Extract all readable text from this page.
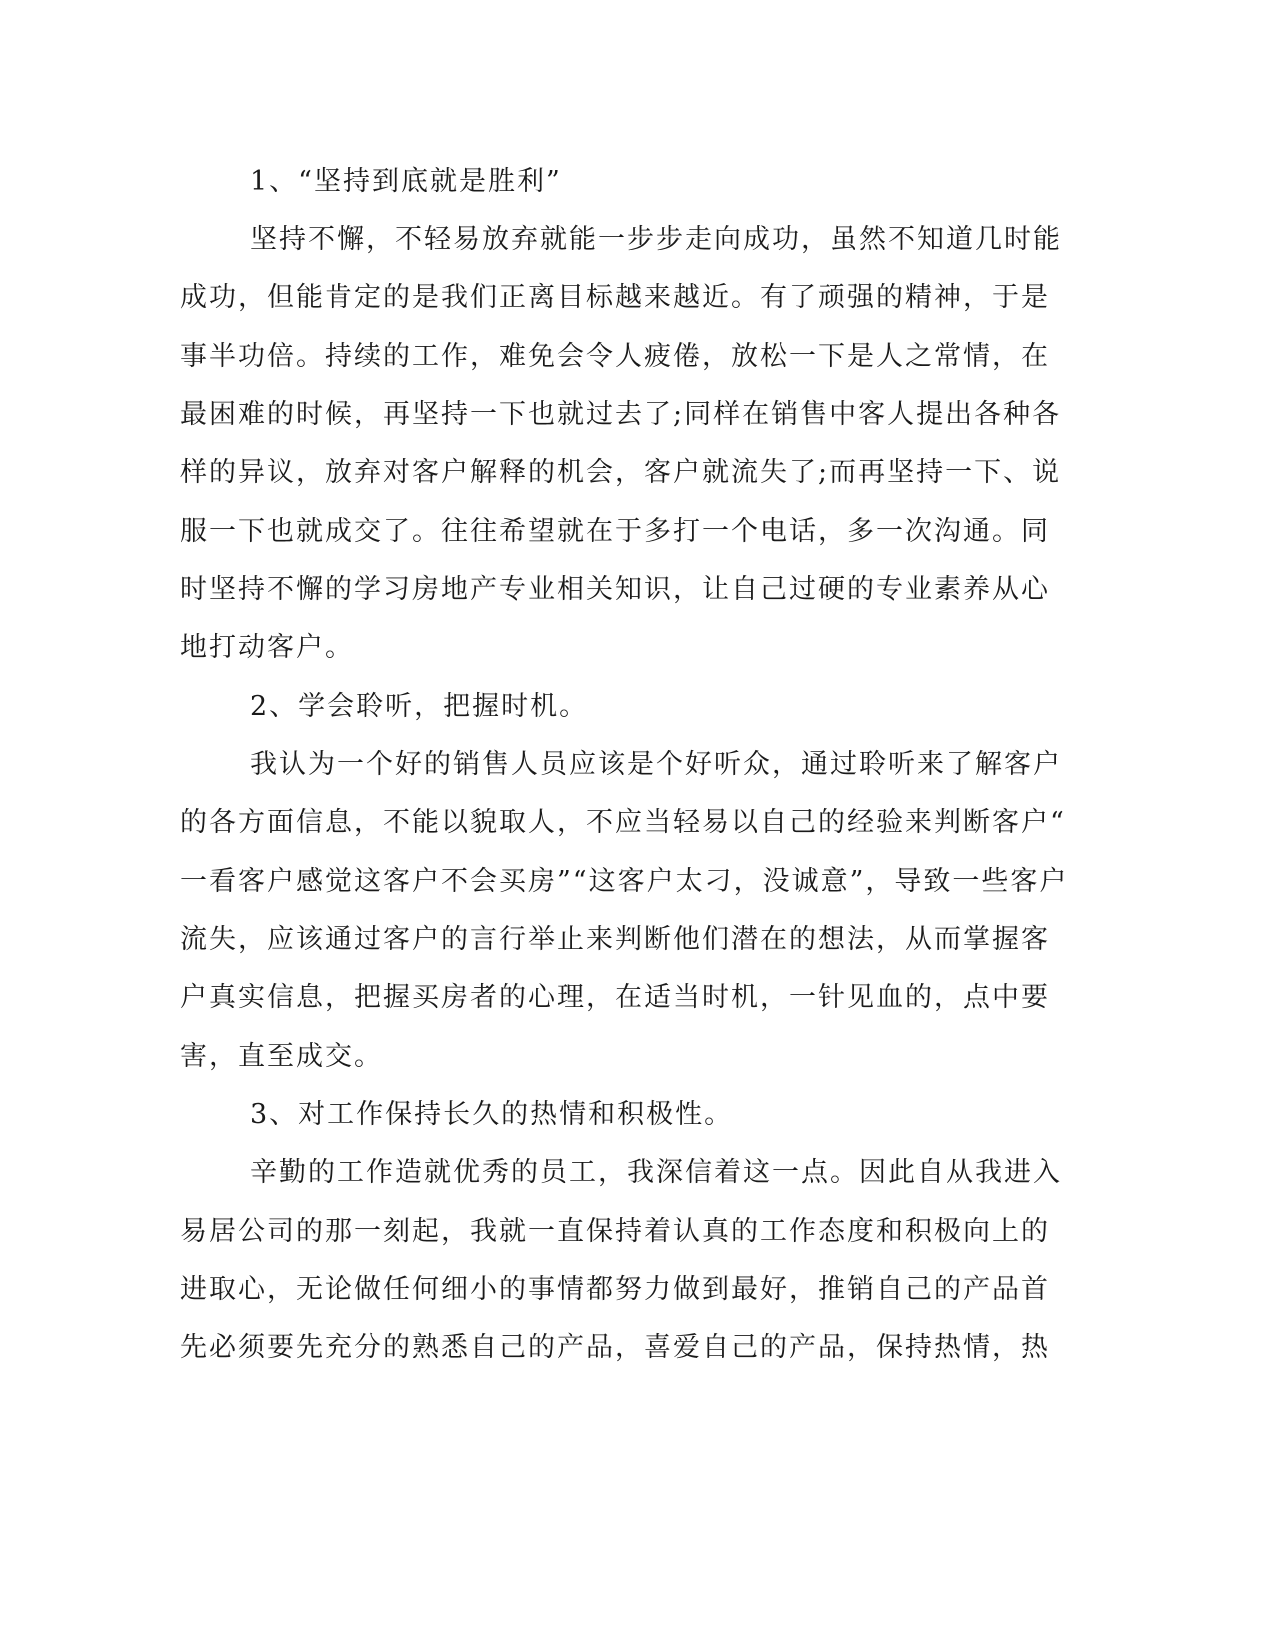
1、“坚持到底就是胜利”
坚持不懈，不轻易放弃就能一步步走向成功，虽然不知道几时能
成功，但能肯定的是我们正离目标越来越近。有了顽强的精神，于是
事半功倍。持续的工作，难免会令人疲倦，放松一下是人之常情，在
最困难的时候，再坚持一下也就过去了;同样在销售中客人提出各种各
样的异议，放弃对客户解释的机会，客户就流失了;而再坚持一下、说
服一下也就成交了。往往希望就在于多打一个电话，多一次沟通。同
时坚持不懈的学习房地产专业相关知识，让自己过硬的专业素养从心
地打动客户。
2、学会聆听，把握时机。
我认为一个好的销售人员应该是个好听众，通过聆听来了解客户
的各方面信息，不能以貌取人，不应当轻易以自己的经验来判断客户“
一看客户感觉这客户不会买房”“这客户太刁，没诚意”，导致一些客户
流失，应该通过客户的言行举止来判断他们潜在的想法，从而掌握客
户真实信息，把握买房者的心理，在适当时机，一针见血的，点中要
害，直至成交。
3、对工作保持长久的热情和积极性。
辛勤的工作造就优秀的员工，我深信着这一点。因此自从我进入
易居公司的那一刻起，我就一直保持着认真的工作态度和积极向上的
进取心，无论做任何细小的事情都努力做到最好，推销自己的产品首
先必须要先充分的熟悉自己的产品，喜爱自己的产品，保持热情，热
